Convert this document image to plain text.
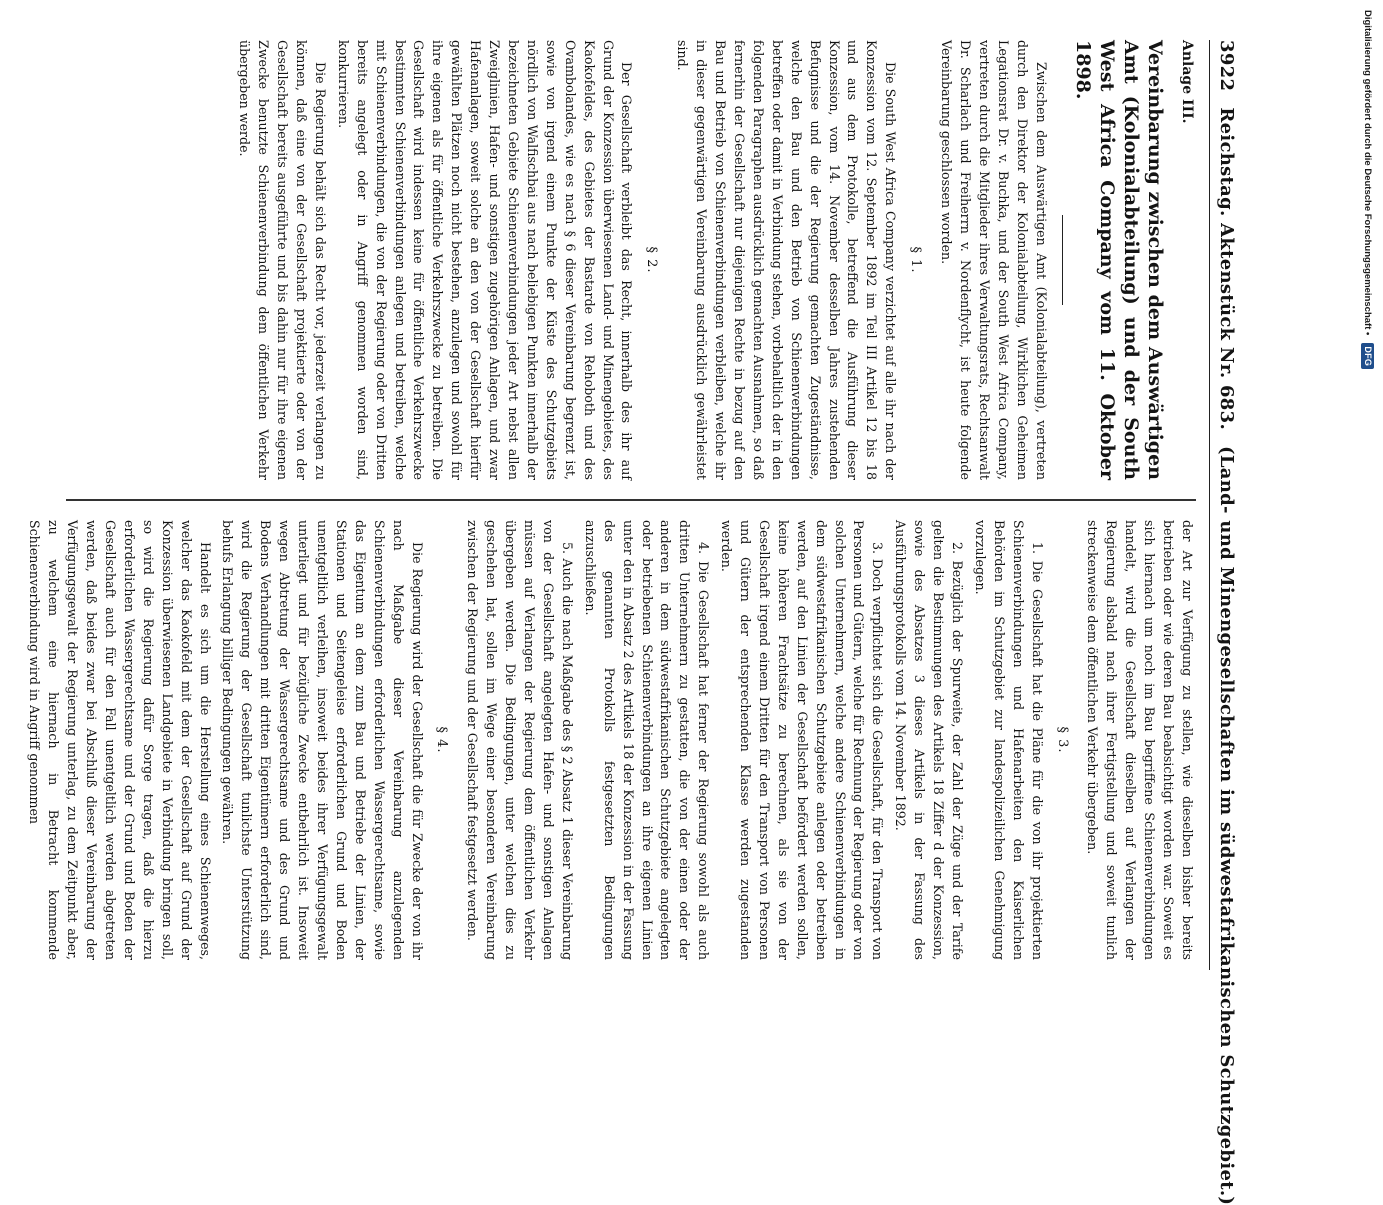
3922
Reichstag. Aktenstück Nr. 683.
(Land- und Minengesellschaften im südwestafrikanischen Schutzgebiet.)
Anlage III.
Vereinbarung zwischen dem Auswärtigen Amt (Kolonialabteilung) und der South West Africa Company vom 11. Oktober 1898.

Zwischen dem Auswärtigen Amt (Kolonialabteilung), vertreten durch den Direktor der Kolonialabteilung, Wirklichen Geheimen Legationsrat Dr. v. Buchka, und der South West Africa Company, vertreten durch die Mitglieder ihres Verwaltungsrats, Rechtsanwalt Dr. Scharlach und Freiherrn v. Nordenflycht, ist heute folgende Vereinbarung geschlossen worden.

§ 1.

Die South West Africa Company verzichtet auf alle ihr nach der Konzession vom 12. September 1892 im Teil III Artikel 12 bis 18 und aus dem Protokolle, betreffend die Ausführung dieser Konzession, vom 14. November desselben Jahres zustehenden Befugnisse und die der Regierung gemachten Zugeständnisse, welche den Bau und den Betrieb von Schienenverbindungen betreffen oder damit in Verbindung stehen, vorbehaltlich der in den folgenden Paragraphen ausdrücklich gemachten Ausnahmen, so daß fernerhin der Gesellschaft nur diejenigen Rechte in bezug auf den Bau und Betrieb von Schienenverbindungen verbleiben, welche ihr in dieser gegenwärtigen Vereinbarung ausdrücklich gewährleistet sind.

§ 2.

Der Gesellschaft verbleibt das Recht, innerhalb des ihr auf Grund der Konzession überwiesenen Land- und Minengebietes, des Kaokofeldes, des Gebietes der Bastarde von Rehoboth und des Ovambolandes, wie es nach § 6 dieser Vereinbarung begrenzt ist, sowie von irgend einem Punkte der Küste des Schutzgebiets nördlich von Walfischbai aus nach beliebigen Punkten innerhalb der bezeichneten Gebiete Schienenverbindungen jeder Art nebst allen Zweiglinien, Hafen- und sonstigen zugehörigen Anlagen, und zwar Hafenanlagen, soweit solche an den von der Gesellschaft hierfür gewählten Plätzen noch nicht bestehen, anzulegen und sowohl für ihre eigenen als für öffentliche Verkehrszwecke zu betreiben. Die Gesellschaft wird indessen keine für öffentliche Verkehrszwecke bestimmten Schienenverbindungen anlegen und betreiben, welche mit Schienenverbindungen, die von der Regierung oder von Dritten bereits angelegt oder in Angriff genommen worden sind, konkurrieren.

Die Regierung behält sich das Recht vor, jederzeit verlangen zu können, daß eine von der Gesellschaft projektierte oder von der Gesellschaft bereits ausgeführte und bis dahin nur für ihre eigenen Zwecke benutzte Schienenverbindung dem öffentlichen Verkehr übergeben werde.

der Art zur Verfügung zu stellen, wie dieselben bisher bereits betrieben oder wie deren Bau beabsichtigt worden war. Soweit es sich hiernach um noch im Bau begriffene Schienenverbindungen handelt, wird die Gesellschaft dieselben auf Verlangen der Regierung alsbald nach ihrer Fertigstellung und soweit tunlich streckenweise dem öffentlichen Verkehr übergeben.

§ 3.

1. Die Gesellschaft hat die Pläne für die von ihr projektierten Schienenverbindungen und Hafenarbeiten den Kaiserlichen Behörden im Schutzgebiet zur landespolizeilichen Genehmigung vorzulegen.

2. Bezüglich der Spurweite, der Zahl der Züge und der Tarife gelten die Bestimmungen des Artikels 18 Ziffer d der Konzession, sowie des Absatzes 3 dieses Artikels in der Fassung des Ausführungsprotokolls vom 14. November 1892.

3. Doch verpflichtet sich die Gesellschaft, für den Transport von Personen und Gütern, welche für Rechnung der Regierung oder von solchen Unternehmern, welche andere Schienenverbindungen in dem südwestafrikanischen Schutzgebiete anlegen oder betreiben werden, auf den Linien der Gesellschaft befördert werden sollen, keine höheren Frachtsätze zu berechnen, als sie von der Gesellschaft irgend einem Dritten für den Transport von Personen und Gütern der entsprechenden Klasse werden zugestanden werden.

4. Die Gesellschaft hat ferner der Regierung sowohl als auch dritten Unternehmern zu gestatten, die von der einen oder der anderen in dem südwestafrikanischen Schutzgebiete angelegten oder betriebenen Schienenverbindungen an ihre eigenen Linien unter den in Absatz 2 des Artikels 18 der Konzession in der Fassung des genannten Protokolls festgesetzten Bedingungen anzuschließen.

5. Auch die nach Maßgabe des § 2 Absatz 1 dieser Vereinbarung von der Gesellschaft angelegten Hafen- und sonstigen Anlagen müssen auf Verlangen der Regierung dem öffentlichen Verkehr übergeben werden. Die Bedingungen, unter welchen dies zu geschehen hat, sollen im Wege einer besonderen Vereinbarung zwischen der Regierung und der Gesellschaft festgesetzt werden.

§ 4.

Die Regierung wird der Gesellschaft die für Zwecke der von ihr nach Maßgabe dieser Vereinbarung anzulegenden Schienenverbindungen erforderlichen Wassergerechtsame, sowie das Eigentum an dem zum Bau und Betriebe der Linien, der Stationen und Seitengeleise erforderlichen Grund und Boden unentgeltlich verleihen, insoweit beides ihrer Verfügungsgewalt unterliegt und für bezügliche Zwecke entbehrlich ist. Insoweit wegen Abtretung der Wassergerechtsame und des Grund und Bodens Verhandlungen mit dritten Eigentümern erforderlich sind, wird die Regierung der Gesellschaft tunlichste Unterstützung behufs Erlangung billiger Bedingungen gewähren.

Handelt es sich um die Herstellung eines Schienenweges, welcher das Kaokofeld mit dem der Gesellschaft auf Grund der Konzession überwiesenen Landgebiete in Verbindung bringen soll, so wird die Regierung dafür Sorge tragen, daß die hierzu erforderlichen Wassergerechtsame und der Grund und Boden der Gesellschaft auch für den Fall unentgeltlich werden abgetreten werden, daß beides zwar bei Abschluß dieser Vereinbarung der Verfügungsgewalt der Regierung unterlag, zu dem Zeitpunkt aber, zu welchem eine hiernach in Betracht kommende Schienenverbindung wird in Angriff genommen

Digitalisierung gefördert durch die Deutsche Forschungsgemeinschaft •
DFG
